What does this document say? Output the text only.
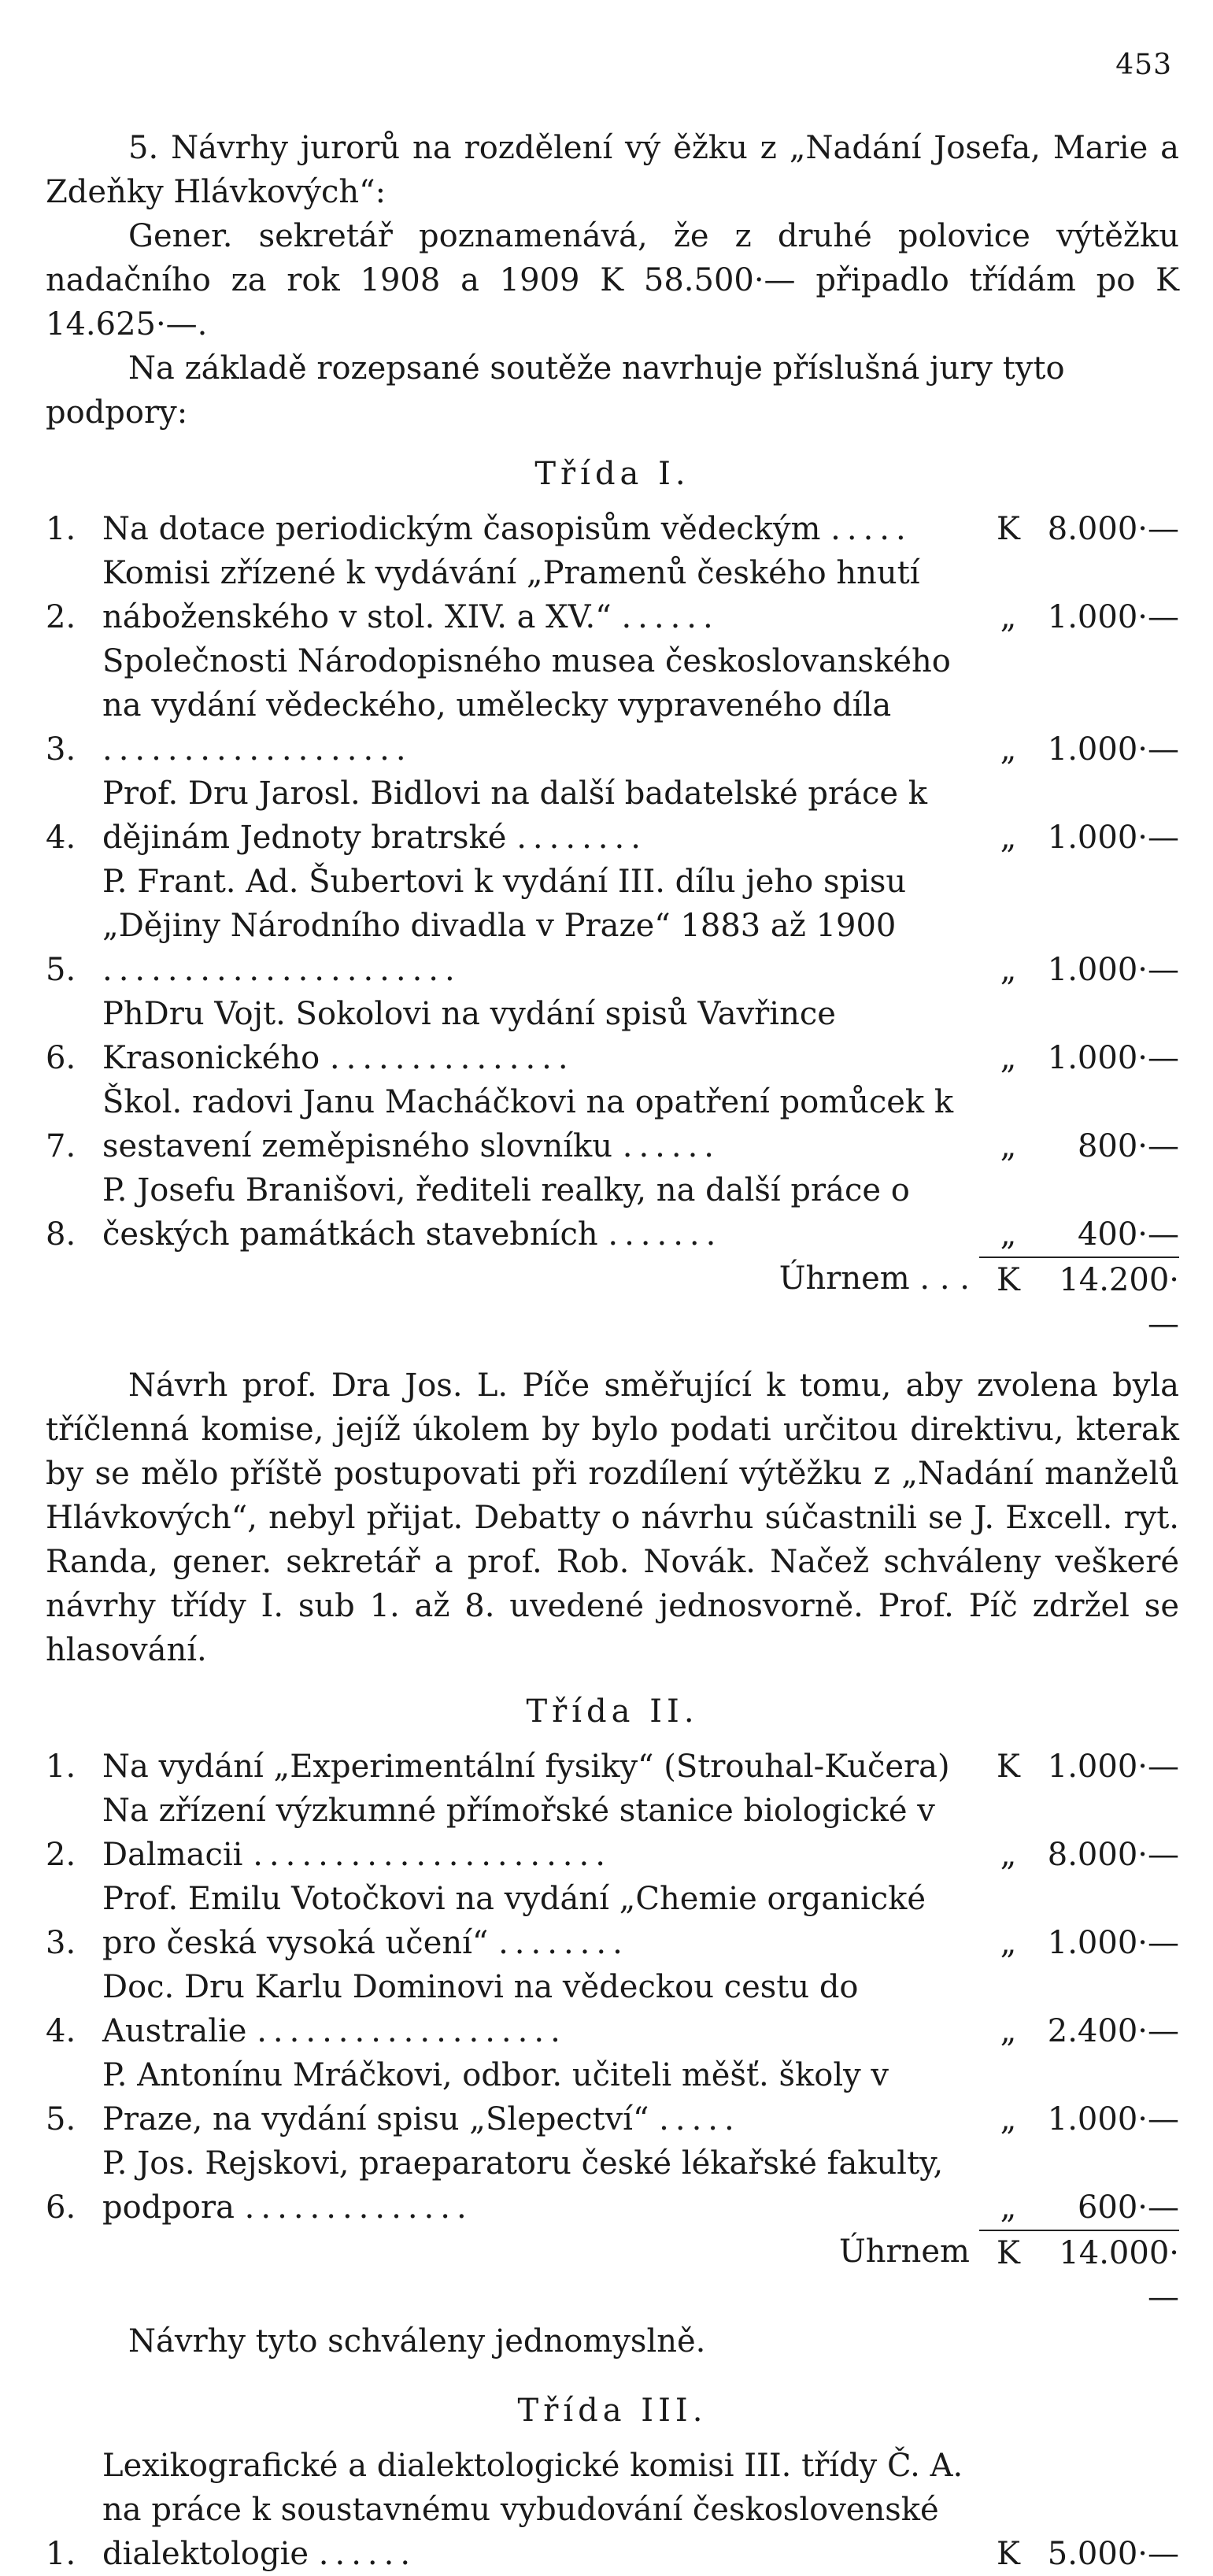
453

5. Návrhy jurorů na rozdělení vý ěžku z „Nadání Josefa, Marie a Zdeňky Hlávkových“:

Gener. sekretář poznamenává, že z druhé polovice výtěžku nadačního za rok 1908 a 1909 K 58.500·— připadlo třídám po K 14.625·—.

Na základě rozepsané soutěže navrhuje příslušná jury tyto podpory:

Třída I.
1. Na dotace periodickým časopisům vědeckým .....	K 8.000·—
2.
Komisi zřízené k vydávání „Pramenů českého hnutí náboženského v stol. XIV. a XV.“ ......	„ 1.000·—
3.
Společnosti Národopisného musea českoslovanského na vydání vědeckého, umělecky vypraveného díla ...................	„ 1.000·—
4.
Prof. Dru Jarosl. Bidlovi na další badatelské práce k dějinám Jednoty bratrské ........	„ 1.000·—
5.
P. Frant. Ad. Šubertovi k vydání III. dílu jeho spisu „Dějiny Národního divadla v Praze“ 1883 až 1900 ......................	„ 1.000·—
6.
PhDru Vojt. Sokolovi na vydání spisů Vavřince Krasonického ...............	„ 1.000·—
7.
Škol. radovi Janu Macháčkovi na opatření pomůcek k sestavení zeměpisného slovníku ......	„	800·—
8.
P. Josefu Branišovi, řediteli realky, na další práce o českých památkách stavebních .......	„	400·—
Úhrnem . . . K	14.200·—

Návrh prof. Dra Jos. L. Píče směřující k tomu, aby zvolena byla tříčlenná komise, jejíž úkolem by bylo podati určitou direktivu, kterak by se mělo příště postupovati při rozdílení výtěžku z „Nadání manželů Hlávkových“, nebyl přijat. Debatty o návrhu súčastnili se J. Excell. ryt. Randa, gener. sekretář a prof. Rob. Novák. Načež schváleny veškeré návrhy třídy I. sub 1. až 8. uvedené jednosvorně. Prof. Píč zdržel se hlasování.

Třída II.
1. Na vydání „Experimentální fysiky“ (Strouhal-Kučera)	K 1.000·—
2.
Na zřízení výzkumné přímořské stanice biologické v Dalmacii ......................	„ 8.000·—
3.
Prof. Emilu Votočkovi na vydání „Chemie organické pro česká vysoká učení“ ........	„ 1.000·—
4.
Doc. Dru Karlu Dominovi na vědeckou cestu do Australie ...................	„ 2.400·—
5.
P. Antonínu Mráčkovi, odbor. učiteli měšť. školy v Praze, na vydání spisu „Slepectví“ .....	„ 1.000·—
6.
P. Jos. Rejskovi, praeparatoru české lékařské fakulty, podpora ..............	„	600·—
Úhrnem K	14.000·—

Návrhy tyto schváleny jednomyslně.

Třída III.
1.
Lexikografické a dialektologické komisi III. třídy Č. A. na práce k soustavnému vybudování československé dialektologie ......	K 5.000·—
